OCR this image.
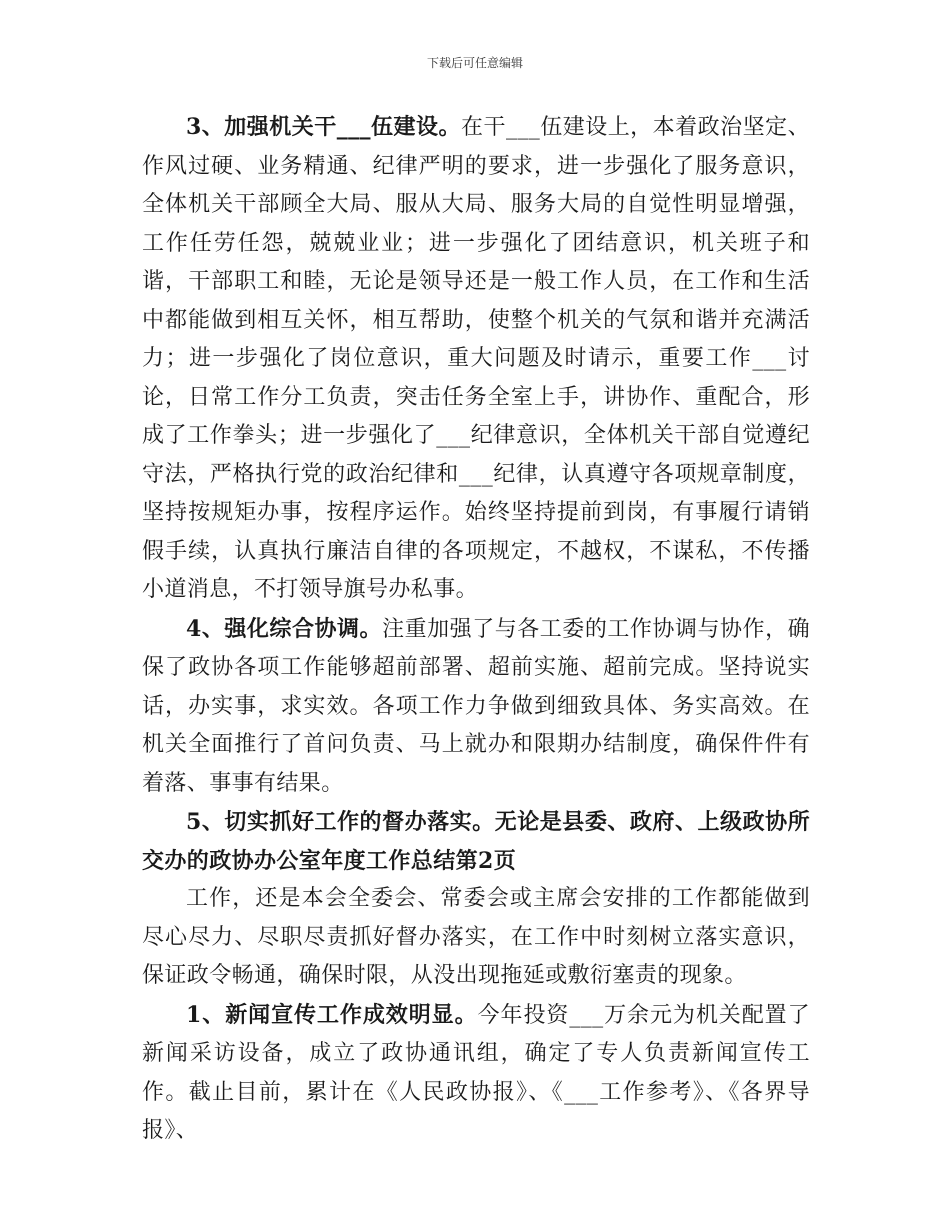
下载后可任意编辑

3、加强机关干___伍建设。在干___伍建设上，本着政治坚定、作风过硬、业务精通、纪律严明的要求，进一步强化了服务意识，全体机关干部顾全大局、服从大局、服务大局的自觉性明显增强，工作任劳任怨，兢兢业业；进一步强化了团结意识，机关班子和谐，干部职工和睦，无论是领导还是一般工作人员，在工作和生活中都能做到相互关怀，相互帮助，使整个机关的气氛和谐并充满活力；进一步强化了岗位意识，重大问题及时请示，重要工作___讨论，日常工作分工负责，突击任务全室上手，讲协作、重配合，形成了工作拳头；进一步强化了___纪律意识，全体机关干部自觉遵纪守法，严格执行党的政治纪律和___纪律，认真遵守各项规章制度，坚持按规矩办事，按程序运作。始终坚持提前到岗，有事履行请销假手续，认真执行廉洁自律的各项规定，不越权，不谋私，不传播小道消息，不打领导旗号办私事。

4、强化综合协调。注重加强了与各工委的工作协调与协作，确保了政协各项工作能够超前部署、超前实施、超前完成。坚持说实话，办实事，求实效。各项工作力争做到细致具体、务实高效。在机关全面推行了首问负责、马上就办和限期办结制度，确保件件有着落、事事有结果。

5、切实抓好工作的督办落实。无论是县委、政府、上级政协所交办的政协办公室年度工作总结第2页

工作，还是本会全委会、常委会或主席会安排的工作都能做到尽心尽力、尽职尽责抓好督办落实，在工作中时刻树立落实意识，保证政令畅通，确保时限，从没出现拖延或敷衍塞责的现象。

1、新闻宣传工作成效明显。今年投资___万余元为机关配置了新闻采访设备，成立了政协通讯组，确定了专人负责新闻宣传工作。截止目前，累计在《人民政协报》、《___工作参考》、《各界导报》、
